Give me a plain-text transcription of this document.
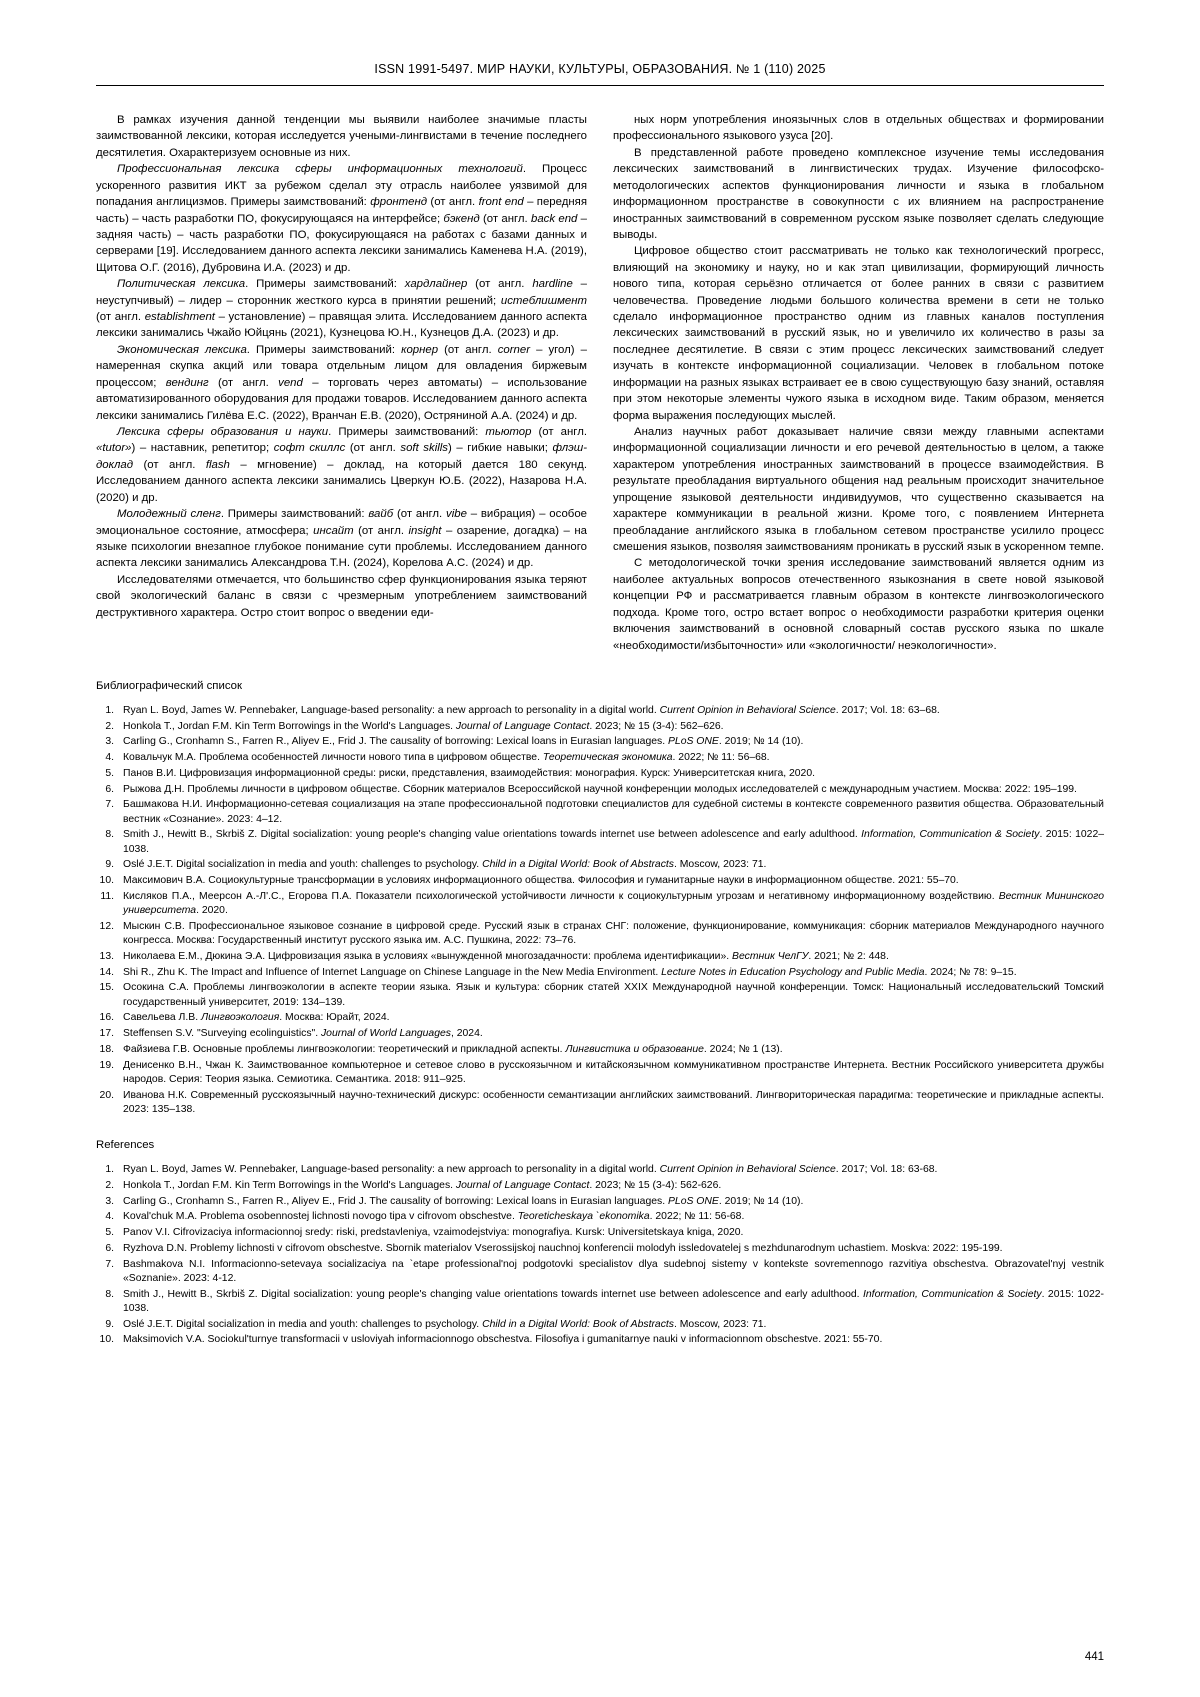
ISSN 1991-5497. МИР НАУКИ, КУЛЬТУРЫ, ОБРАЗОВАНИЯ. № 1 (110) 2025

В рамках изучения данной тенденции мы выявили наиболее значимые пласты заимствованной лексики, которая исследуется учеными-лингвистами в течение последнего десятилетия. Охарактеризуем основные из них.

Профессиональная лексика сферы информационных технологий. Процесс ускоренного развития ИКТ за рубежом сделал эту отрасль наиболее уязвимой для попадания англицизмов. Примеры заимствований: фронтенд (от англ. front end – передняя часть) – часть разработки ПО, фокусирующаяся на интерфейсе; бэкенд (от англ. back end – задняя часть) – часть разработки ПО, фокусирующаяся на работах с базами данных и серверами [19]. Исследованием данного аспекта лексики занимались Каменева Н.А. (2019), Щитова О.Г. (2016), Дубровина И.А. (2023) и др.

Политическая лексика. Примеры заимствований: хардлайнер (от англ. hardline – неуступчивый) – лидер – сторонник жесткого курса в принятии решений; истеблишмент (от англ. establishment – установление) – правящая элита. Исследованием данного аспекта лексики занимались Чжайо Юйцянь (2021), Кузнецова Ю.Н., Кузнецов Д.А. (2023) и др.

Экономическая лексика. Примеры заимствований: корнер (от англ. corner – угол) – намеренная скупка акций или товара отдельным лицом для овладения биржевым процессом; вендинг (от англ. vend – торговать через автоматы) – использование автоматизированного оборудования для продажи товаров. Исследованием данного аспекта лексики занимались Гилёва Е.С. (2022), Вранчан Е.В. (2020), Остряниной А.А. (2024) и др.

Лексика сферы образования и науки. Примеры заимствований: тьютор (от англ. «tutor») – наставник, репетитор; софт скиллс (от англ. soft skills) – гибкие навыки; флэш-доклад (от англ. flash – мгновение) – доклад, на который дается 180 секунд. Исследованием данного аспекта лексики занимались Цверкун Ю.Б. (2022), Назарова Н.А. (2020) и др.

Молодежный сленг. Примеры заимствований: вайб (от англ. vibe – вибрация) – особое эмоциональное состояние, атмосфера; инсайт (от англ. insight – озарение, догадка) – на языке психологии внезапное глубокое понимание сути проблемы. Исследованием данного аспекта лексики занимались Александрова Т.Н. (2024), Корелова А.С. (2024) и др.

Исследователями отмечается, что большинство сфер функционирования языка теряют свой экологический баланс в связи с чрезмерным употреблением заимствований деструктивного характера. Остро стоит вопрос о введении еди-

ных норм употребления иноязычных слов в отдельных обществах и формировании профессионального языкового узуса [20].

В представленной работе проведено комплексное изучение темы исследования лексических заимствований в лингвистических трудах. Изучение философско-методологических аспектов функционирования личности и языка в глобальном информационном пространстве в совокупности с их влиянием на распространение иностранных заимствований в современном русском языке позволяет сделать следующие выводы.

Цифровое общество стоит рассматривать не только как технологический прогресс, влияющий на экономику и науку, но и как этап цивилизации, формирующий личность нового типа, которая серьёзно отличается от более ранних в связи с развитием человечества. Проведение людьми большого количества времени в сети не только сделало информационное пространство одним из главных каналов поступления лексических заимствований в русский язык, но и увеличило их количество в разы за последнее десятилетие. В связи с этим процесс лексических заимствований следует изучать в контексте информационной социализации. Человек в глобальном потоке информации на разных языках встраивает ее в свою существующую базу знаний, оставляя при этом некоторые элементы чужого языка в исходном виде. Таким образом, меняется форма выражения последующих мыслей.

Анализ научных работ доказывает наличие связи между главными аспектами информационной социализации личности и его речевой деятельностью в целом, а также характером употребления иностранных заимствований в процессе взаимодействия. В результате преобладания виртуального общения над реальным происходит значительное упрощение языковой деятельности индивидуумов, что существенно сказывается на характере коммуникации в реальной жизни. Кроме того, с появлением Интернета преобладание английского языка в глобальном сетевом пространстве усилило процесс смешения языков, позволяя заимствованиям проникать в русский язык в ускоренном темпе.

С методологической точки зрения исследование заимствований является одним из наиболее актуальных вопросов отечественного языкознания в свете новой языковой концепции РФ и рассматривается главным образом в контексте лингвоэкологического подхода. Кроме того, остро встает вопрос о необходимости разработки критерия оценки включения заимствований в основной словарный состав русского языка по шкале «необходимости/избыточности» или «экологичности/ неэкологичности».

Библиографический список
1. Ryan L. Boyd, James W. Pennebaker, Language-based personality: a new approach to personality in a digital world. Current Opinion in Behavioral Science. 2017; Vol. 18: 63–68.
2. Honkola T., Jordan F.M. Kin Term Borrowings in the World's Languages. Journal of Language Contact. 2023; № 15 (3-4): 562–626.
3. Carling G., Cronhamn S., Farren R., Aliyev E., Frid J. The causality of borrowing: Lexical loans in Eurasian languages. PLoS ONE. 2019; № 14 (10).
4. Ковальчук М.А. Проблема особенностей личности нового типа в цифровом обществе. Теоретическая экономика. 2022; № 11: 56–68.
5. Панов В.И. Цифровизация информационной среды: риски, представления, взаимодействия: монография. Курск: Университетская книга, 2020.
6. Рыжова Д.Н. Проблемы личности в цифровом обществе. Сборник материалов Всероссийской научной конференции молодых исследователей с международным участием. Москва: 2022: 195–199.
7. Башмакова Н.И. Информационно-сетевая социализация на этапе профессиональной подготовки специалистов для судебной системы в контексте современного развития общества. Образовательный вестник «Сознание». 2023: 4–12.
8. Smith J., Hewitt B., Skrbiš Z. Digital socialization: young people's changing value orientations towards internet use between adolescence and early adulthood. Information, Communication & Society. 2015: 1022–1038.
9. Oslé J.E.T. Digital socialization in media and youth: challenges to psychology. Child in a Digital World: Book of Abstracts. Moscow, 2023: 71.
10. Максимович В.А. Социокультурные трансформации в условиях информационного общества. Философия и гуманитарные науки в информационном обществе. 2021: 55–70.
11. Кисляков П.А., Меерсон А.-Л'.С., Егорова П.А. Показатели психологической устойчивости личности к социокультурным угрозам и негативному информационному воздействию. Вестник Мининского университета. 2020.
12. Мыскин С.В. Профессиональное языковое сознание в цифровой среде. Русский язык в странах СНГ: положение, функционирование, коммуникация: сборник материалов Международного научного конгресса. Москва: Государственный институт русского языка им. А.С. Пушкина, 2022: 73–76.
13. Николаева Е.М., Дюкина Э.А. Цифровизация языка в условиях «вынужденной многозадачности: проблема идентификации». Вестник ЧелГУ. 2021; № 2: 448.
14. Shi R., Zhu K. The Impact and Influence of Internet Language on Chinese Language in the New Media Environment. Lecture Notes in Education Psychology and Public Media. 2024; № 78: 9–15.
15. Осокина С.А. Проблемы лингвоэкологии в аспекте теории языка. Язык и культура: сборник статей XXIX Международной научной конференции. Томск: Национальный исследовательский Томский государственный университет, 2019: 134–139.
16. Савельева Л.В. Лингвоэкология. Москва: Юрайт, 2024.
17. Steffensen S.V. "Surveying ecolinguistics". Journal of World Languages, 2024.
18. Файзиева Г.В. Основные проблемы лингвоэкологии: теоретический и прикладной аспекты. Лингвистика и образование. 2024; № 1 (13).
19. Денисенко В.Н., Чжан К. Заимствованное компьютерное и сетевое слово в русскоязычном и китайскоязычном коммуникативном пространстве Интернета. Вестник Российского университета дружбы народов. Серия: Теория языка. Семиотика. Семантика. 2018: 911–925.
20. Иванова Н.К. Современный русскоязычный научно-технический дискурс: особенности семантизации английских заимствований. Лингвориторическая парадигма: теоретические и прикладные аспекты. 2023: 135–138.
References
1. Ryan L. Boyd, James W. Pennebaker, Language-based personality: a new approach to personality in a digital world. Current Opinion in Behavioral Science. 2017; Vol. 18: 63-68.
2. Honkola T., Jordan F.M. Kin Term Borrowings in the World's Languages. Journal of Language Contact. 2023; № 15 (3-4): 562-626.
3. Carling G., Cronhamn S., Farren R., Aliyev E., Frid J. The causality of borrowing: Lexical loans in Eurasian languages. PLoS ONE. 2019; № 14 (10).
4. Koval'chuk M.A. Problema osobennostej lichnosti novogo tipa v cifrovom obschestve. Teoreticheskaya `ekonomika. 2022; № 11: 56-68.
5. Panov V.I. Cifrovizaciya informacionnoj sredy: riski, predstavleniya, vzaimodejstviya: monografiya. Kursk: Universitetskaya kniga, 2020.
6. Ryzhova D.N. Problemy lichnosti v cifrovom obschestve. Sbornik materialov Vserossijskoj nauchnoj konferencii molodyh issledovatelej s mezhdunarodnym uchastiem. Moskva: 2022: 195-199.
7. Bashmakova N.I. Informacionno-setevaya socializaciya na `etape professional'noj podgotovki specialistov dlya sudebnoj sistemy v kontekste sovremennogo razvitiya obschestva. Obrazovatel'nyj vestnik «Soznanie». 2023: 4-12.
8. Smith J., Hewitt B., Skrbiš Z. Digital socialization: young people's changing value orientations towards internet use between adolescence and early adulthood. Information, Communication & Society. 2015: 1022-1038.
9. Oslé J.E.T. Digital socialization in media and youth: challenges to psychology. Child in a Digital World: Book of Abstracts. Moscow, 2023: 71.
10. Maksimovich V.A. Sociokul'turnye transformacii v usloviyah informacionnogo obschestva. Filosofiya i gumanitarnye nauki v informacionnom obschestve. 2021: 55-70.
441
